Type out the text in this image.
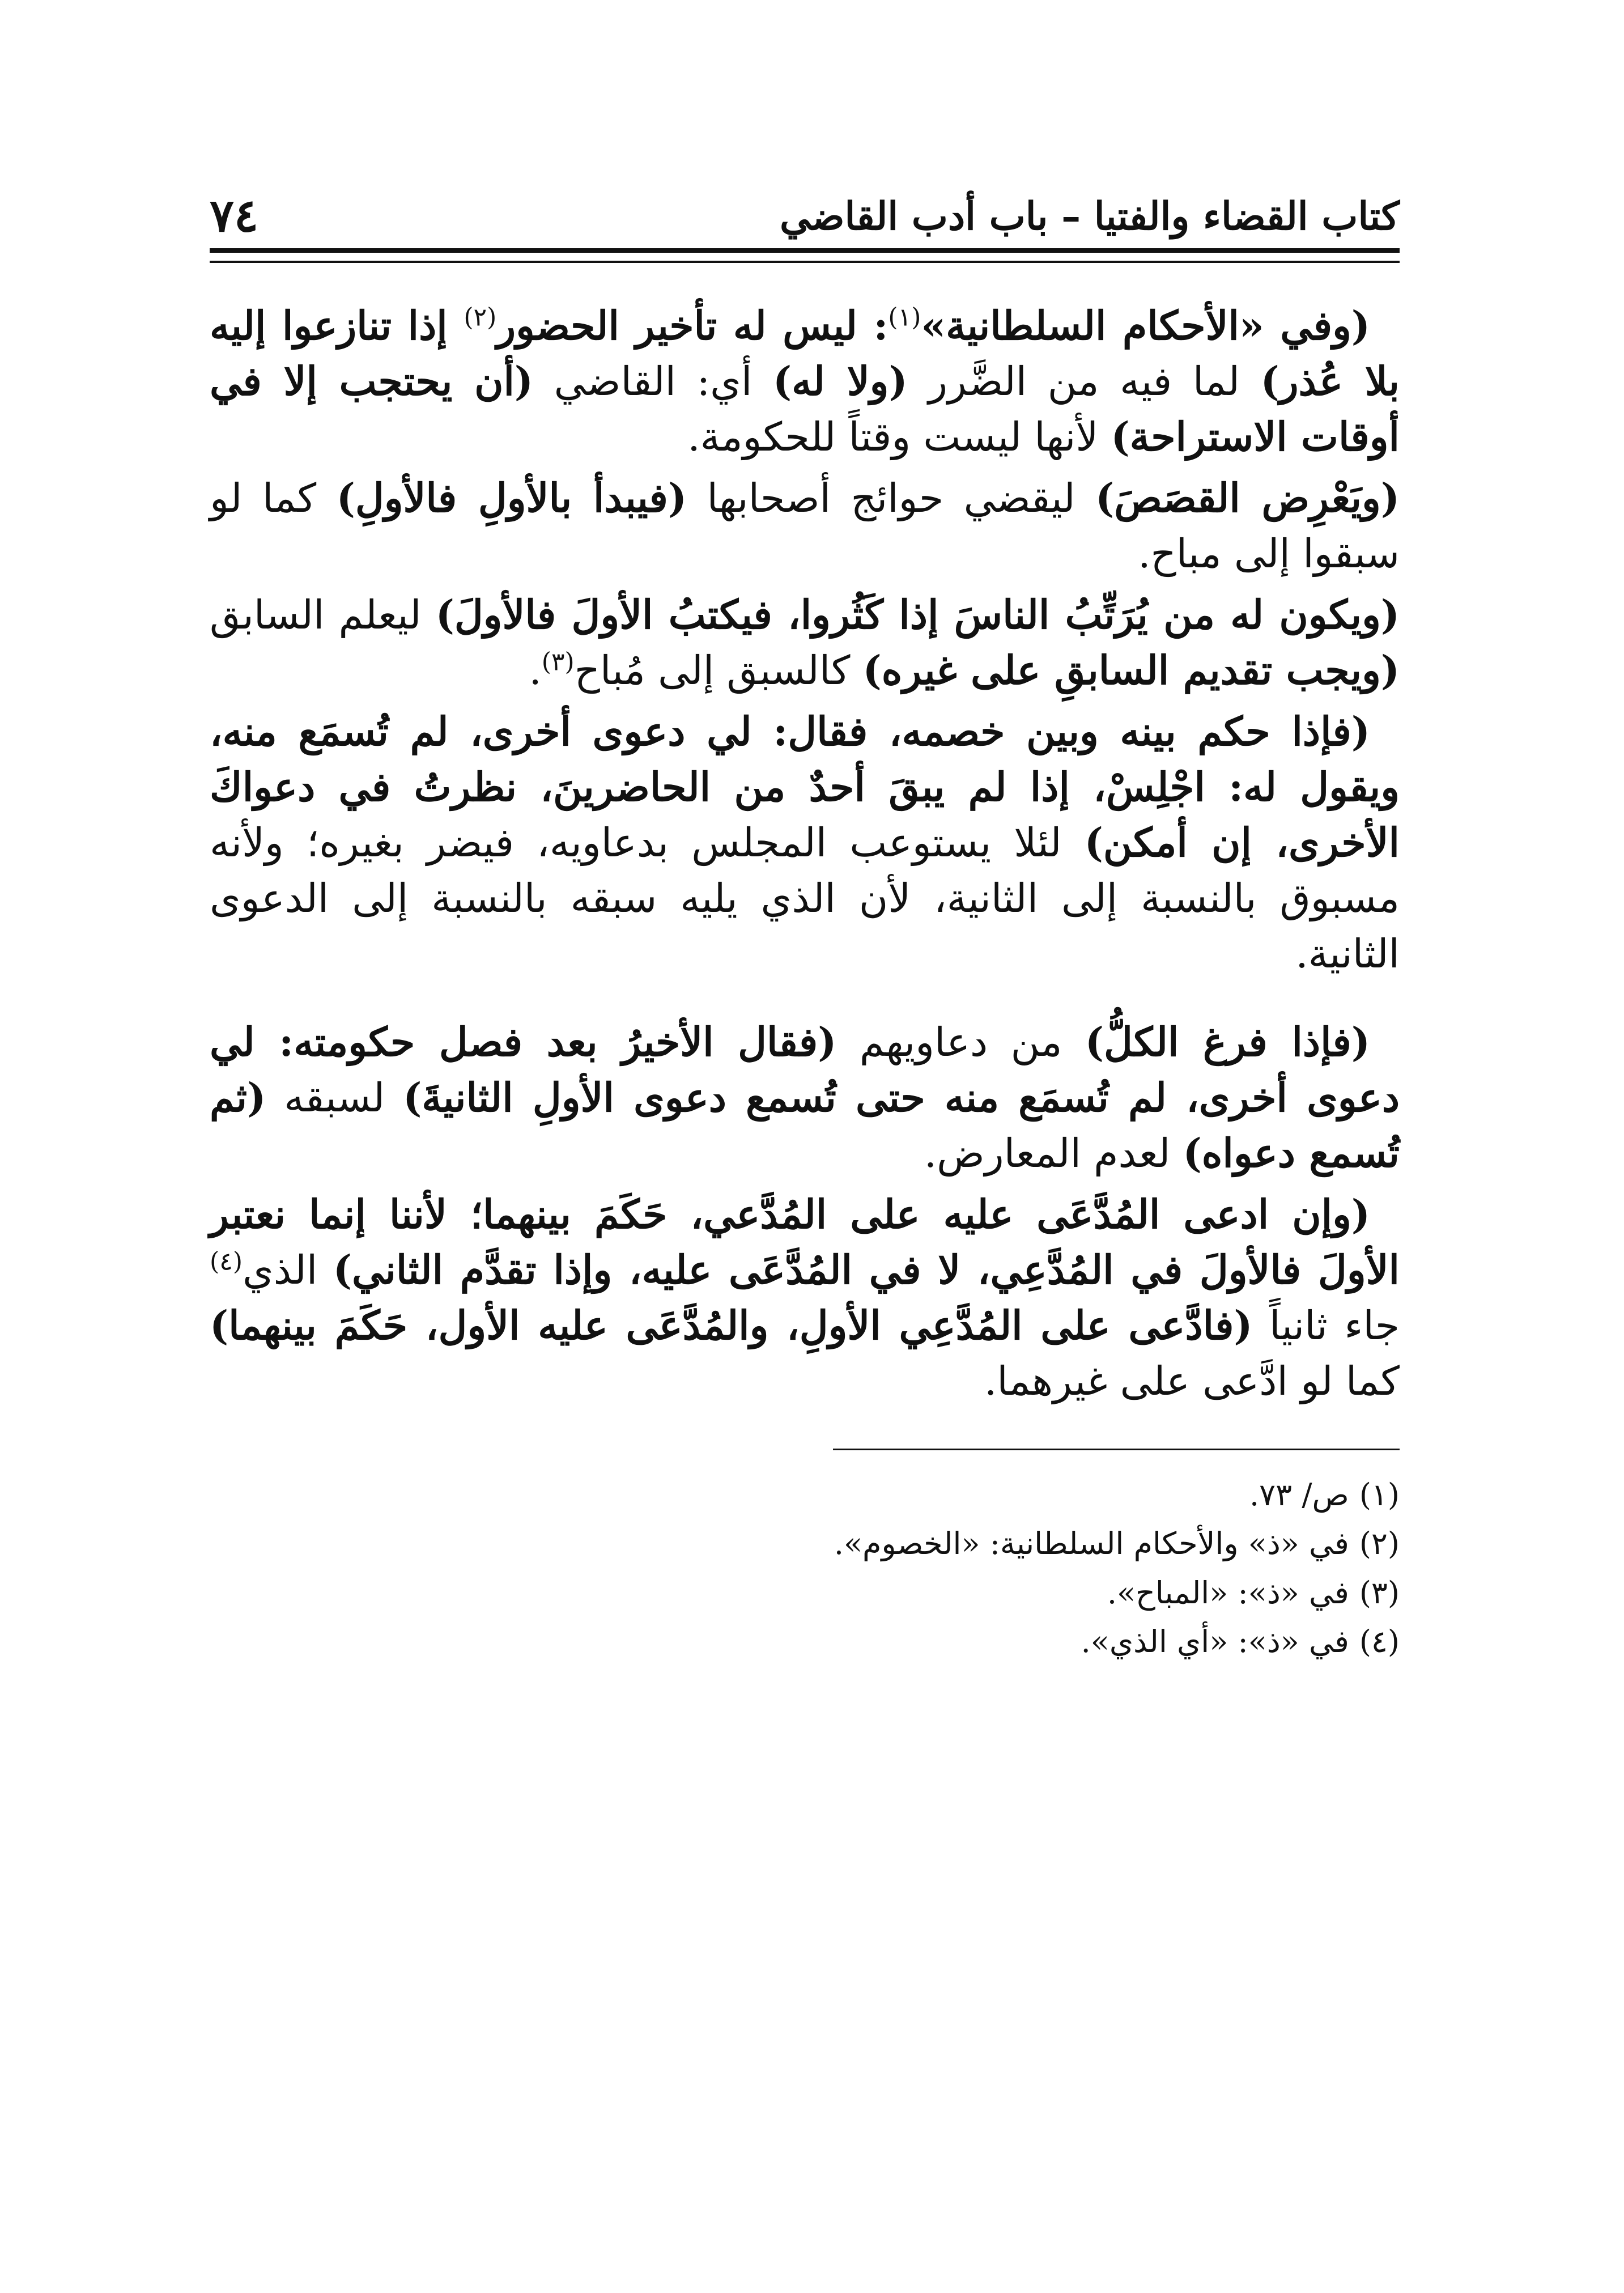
كتاب القضاء والفتيا – باب أدب القاضي
٧٤

(وفي «الأحكام السلطانية»$^{(١)}$: ليس له تأخير الحضور$^{(٢)}$ إذا تنازعوا إليه بلا عُذر) لما فيه من الضَّرر (ولا له) أي: القاضي (أن يحتجب إلا في أوقات الاستراحة) لأنها ليست وقتاً للحكومة.

(ويَعْرِض القصَصَ) ليقضي حوائج أصحابها (فيبدأ بالأولِ فالأولِ) كما لو سبقوا إلى مباح.

(ويكون له من يُرَتِّبُ الناسَ إذا كَثُروا، فيكتبُ الأولَ فالأولَ) ليعلم السابق (ويجب تقديم السابقِ على غيره) كالسبق إلى مُباح$^{(٣)}$.

(فإذا حكم بينه وبين خصمه، فقال: لي دعوى أخرى، لم تُسمَع منه، ويقول له: اجْلِسْ، إذا لم يبقَ أحدٌ من الحاضرينَ، نظرتُ في دعواكَ الأخرى، إن أمكن) لئلا يستوعب المجلس بدعاويه، فيضر بغيره؛ ولأنه مسبوق بالنسبة إلى الثانية، لأن الذي يليه سبقه بالنسبة إلى الدعوى الثانية.

(فإذا فرغ الكلُّ) من دعاويهم (فقال الأخيرُ بعد فصل حكومته: لي دعوى أخرى، لم تُسمَع منه حتى تُسمع دعوى الأولِ الثانيةَ) لسبقه (ثم تُسمع دعواه) لعدم المعارض.

(وإن ادعى المُدَّعَى عليه على المُدَّعي، حَكَمَ بينهما؛ لأننا إنما نعتبر الأولَ فالأولَ في المُدَّعِي، لا في المُدَّعَى عليه، وإذا تقدَّم الثاني) الذي$^{(٤)}$ جاء ثانياً (فادَّعى على المُدَّعِي الأولِ، والمُدَّعَى عليه الأول، حَكَمَ بينهما) كما لو ادَّعى على غيرهما.

(١)ص/ ٧٣.

(٢)في «ذ» والأحكام السلطانية: «الخصوم».

(٣)في «ذ»: «المباح».

(٤)في «ذ»: «أي الذي».
